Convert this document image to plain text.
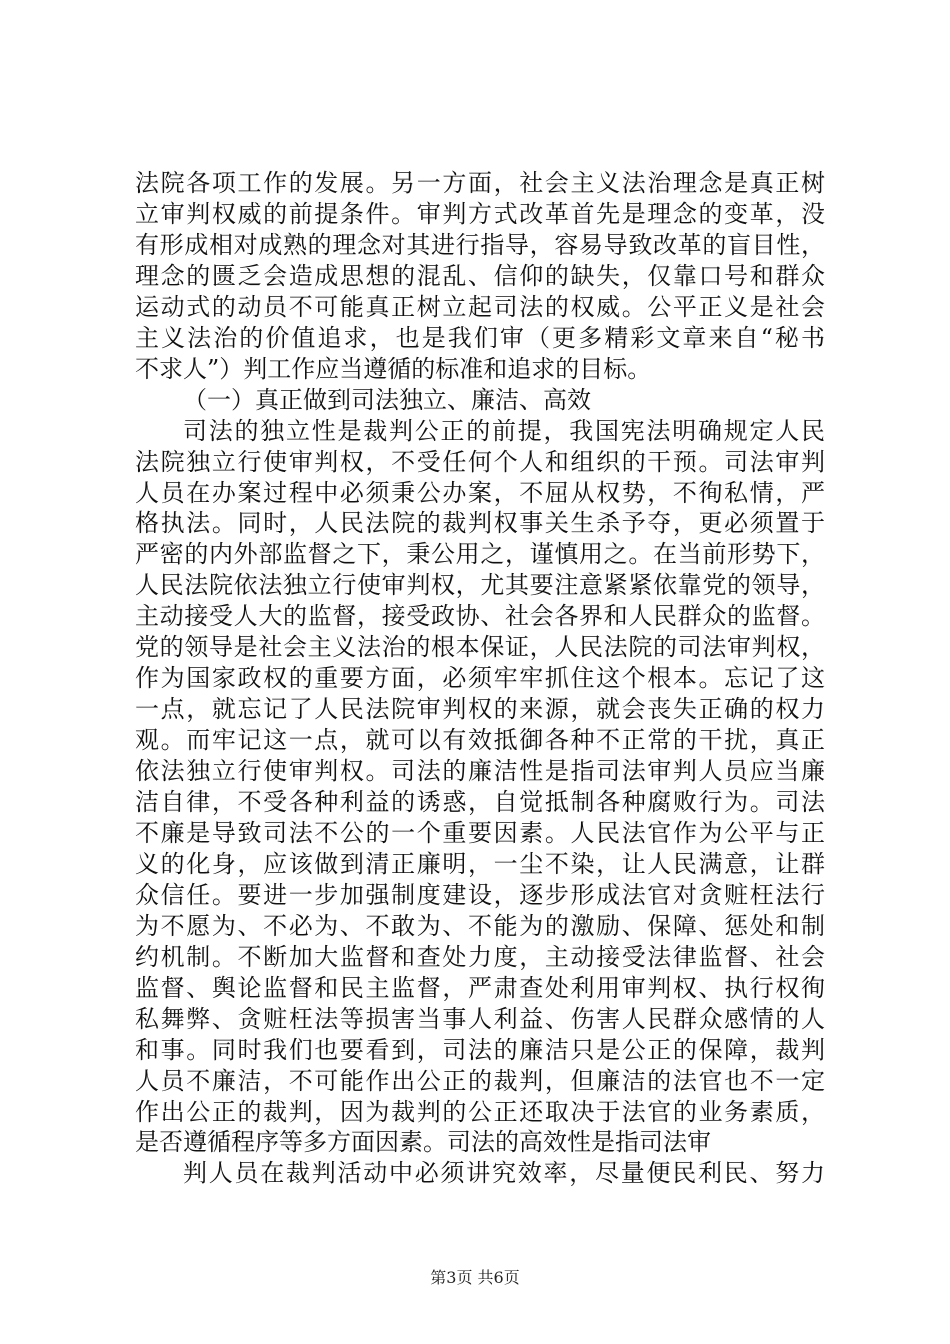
法院各项工作的发展。另一方面，社会主义法治理念是真正树
立审判权威的前提条件。审判方式改革首先是理念的变革，没
有形成相对成熟的理念对其进行指导，容易导致改革的盲目性，
理念的匮乏会造成思想的混乱、信仰的缺失，仅靠口号和群众
运动式的动员不可能真正树立起司法的权威。公平正义是社会
主义法治的价值追求，也是我们审（更多精彩文章来自“秘书
不求人”）判工作应当遵循的标准和追求的目标。
（一）真正做到司法独立、廉洁、高效
司法的独立性是裁判公正的前提，我国宪法明确规定人民
法院独立行使审判权，不受任何个人和组织的干预。司法审判
人员在办案过程中必须秉公办案，不屈从权势，不徇私情，严
格执法。同时，人民法院的裁判权事关生杀予夺，更必须置于
严密的内外部监督之下，秉公用之，谨慎用之。在当前形势下，
人民法院依法独立行使审判权，尤其要注意紧紧依靠党的领导，
主动接受人大的监督，接受政协、社会各界和人民群众的监督。
党的领导是社会主义法治的根本保证，人民法院的司法审判权，
作为国家政权的重要方面，必须牢牢抓住这个根本。忘记了这
一点，就忘记了人民法院审判权的来源，就会丧失正确的权力
观。而牢记这一点，就可以有效抵御各种不正常的干扰，真正
依法独立行使审判权。司法的廉洁性是指司法审判人员应当廉
洁自律，不受各种利益的诱惑，自觉抵制各种腐败行为。司法
不廉是导致司法不公的一个重要因素。人民法官作为公平与正
义的化身，应该做到清正廉明，一尘不染，让人民满意，让群
众信任。要进一步加强制度建设，逐步形成法官对贪赃枉法行
为不愿为、不必为、不敢为、不能为的激励、保障、惩处和制
约机制。不断加大监督和查处力度，主动接受法律监督、社会
监督、舆论监督和民主监督，严肃查处利用审判权、执行权徇
私舞弊、贪赃枉法等损害当事人利益、伤害人民群众感情的人
和事。同时我们也要看到，司法的廉洁只是公正的保障，裁判
人员不廉洁，不可能作出公正的裁判，但廉洁的法官也不一定
作出公正的裁判，因为裁判的公正还取决于法官的业务素质，
是否遵循程序等多方面因素。司法的高效性是指司法审
判人员在裁判活动中必须讲究效率，尽量便民利民、努力
第3页 共6页
